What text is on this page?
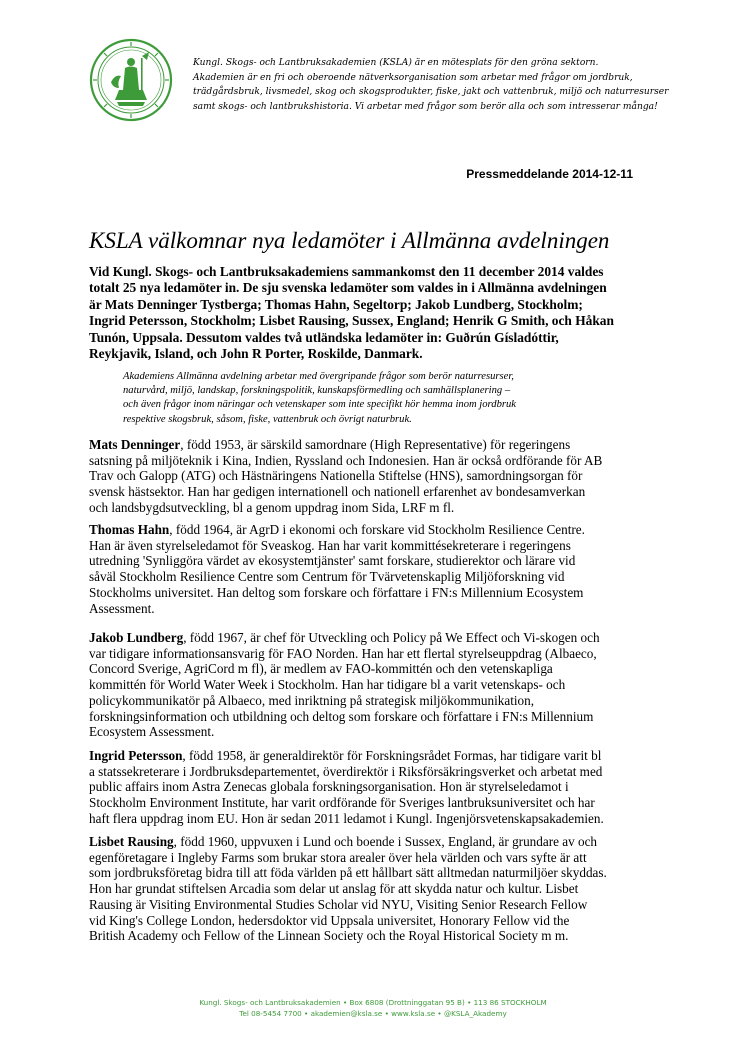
Kungl. Skogs- och Lantbruksakademien (KSLA) är en mötesplats för den gröna sektorn.
Akademien är en fri och oberoende nätverksorganisation som arbetar med frågor om jordbruk,
trädgårdsbruk, livsmedel, skog och skogsprodukter, fiske, jakt och vattenbruk, miljö och naturresurser
samt skogs- och lantbrukshistoria. Vi arbetar med frågor som berör alla och som intresserar många!
Pressmeddelande 2014-12-11
KSLA välkomnar nya ledamöter i Allmänna avdelningen
Vid Kungl. Skogs- och Lantbruksakademiens sammankomst den 11 december 2014 valdes
totalt 25 nya ledamöter in. De sju svenska ledamöter som valdes in i Allmänna avdelningen
är Mats Denninger Tystberga; Thomas Hahn, Segeltorp; Jakob Lundberg, Stockholm;
Ingrid Petersson, Stockholm; Lisbet Rausing, Sussex, England; Henrik G Smith, och Håkan
Tunón, Uppsala. Dessutom valdes två utländska ledamöter in: Guðrún Gísladóttir,
Reykjavik, Island, och John R Porter, Roskilde, Danmark.
Akademiens Allmänna avdelning arbetar med övergripande frågor som berör naturresurser,
naturvård, miljö, landskap, forskningspolitik, kunskapsförmedling och samhällsplanering –
och även frågor inom näringar och vetenskaper som inte specifikt hör hemma inom jordbruk
respektive skogsbruk, såsom, fiske, vattenbruk och övrigt naturbruk.
Mats Denninger, född 1953, är särskild samordnare (High Representative) för regeringens
satsning på miljöteknik i Kina, Indien, Ryssland och Indonesien. Han är också ordförande för AB
Trav och Galopp (ATG) och Hästnäringens Nationella Stiftelse (HNS), samordningsorgan för
svensk hästsektor. Han har gedigen internationell och nationell erfarenhet av bondesamverkan
och landsbygdsutveckling, bl a genom uppdrag inom Sida, LRF m fl.
Thomas Hahn, född 1964, är AgrD i ekonomi och forskare vid Stockholm Resilience Centre.
Han är även styrelseledamot för Sveaskog. Han har varit kommittésekreterare i regeringens
utredning 'Synliggöra värdet av ekosystemtjänster' samt forskare, studierektor och lärare vid
såväl Stockholm Resilience Centre som Centrum för Tvärvetenskaplig Miljöforskning vid
Stockholms universitet. Han deltog som forskare och författare i FN:s Millennium Ecosystem
Assessment.
Jakob Lundberg, född 1967, är chef för Utveckling och Policy på We Effect och Vi-skogen och
var tidigare informationsansvarig för FAO Norden. Han har ett flertal styrelseuppdrag (Albaeco,
Concord Sverige, AgriCord m fl), är medlem av FAO-kommittén och den vetenskapliga
kommittén för World Water Week i Stockholm. Han har tidigare bl a varit vetenskaps- och
policykommunikatör på Albaeco, med inriktning på strategisk miljökommunikation,
forskningsinformation och utbildning och deltog som forskare och författare i FN:s Millennium
Ecosystem Assessment.
Ingrid Petersson, född 1958, är generaldirektör för Forskningsrådet Formas, har tidigare varit bl
a statssekreterare i Jordbruksdepartementet, överdirektör i Riksförsäkringsverket och arbetat med
public affairs inom Astra Zenecas globala forskningsorganisation. Hon är styrelseledamot i
Stockholm Environment Institute, har varit ordförande för Sveriges lantbruksuniversitet och har
haft flera uppdrag inom EU. Hon är sedan 2011 ledamot i Kungl. Ingenjörsvetenskapsakademien.
Lisbet Rausing, född 1960, uppvuxen i Lund och boende i Sussex, England, är grundare av och
egenföretagare i Ingleby Farms som brukar stora arealer över hela världen och vars syfte är att
som jordbruksföretag bidra till att föda världen på ett hållbart sätt alltmedan naturmiljöer skyddas.
Hon har grundat stiftelsen Arcadia som delar ut anslag för att skydda natur och kultur. Lisbet
Rausing är Visiting Environmental Studies Scholar vid NYU, Visiting Senior Research Fellow
vid King's College London, hedersdoktor vid Uppsala universitet, Honorary Fellow vid the
British Academy och Fellow of the Linnean Society och the Royal Historical Society m m.
Kungl. Skogs- och Lantbruksakademien • Box 6808 (Drottninggatan 95 B) • 113 86 STOCKHOLM
Tel 08-5454 7700 • akademien@ksla.se • www.ksla.se • @KSLA_Akademy
